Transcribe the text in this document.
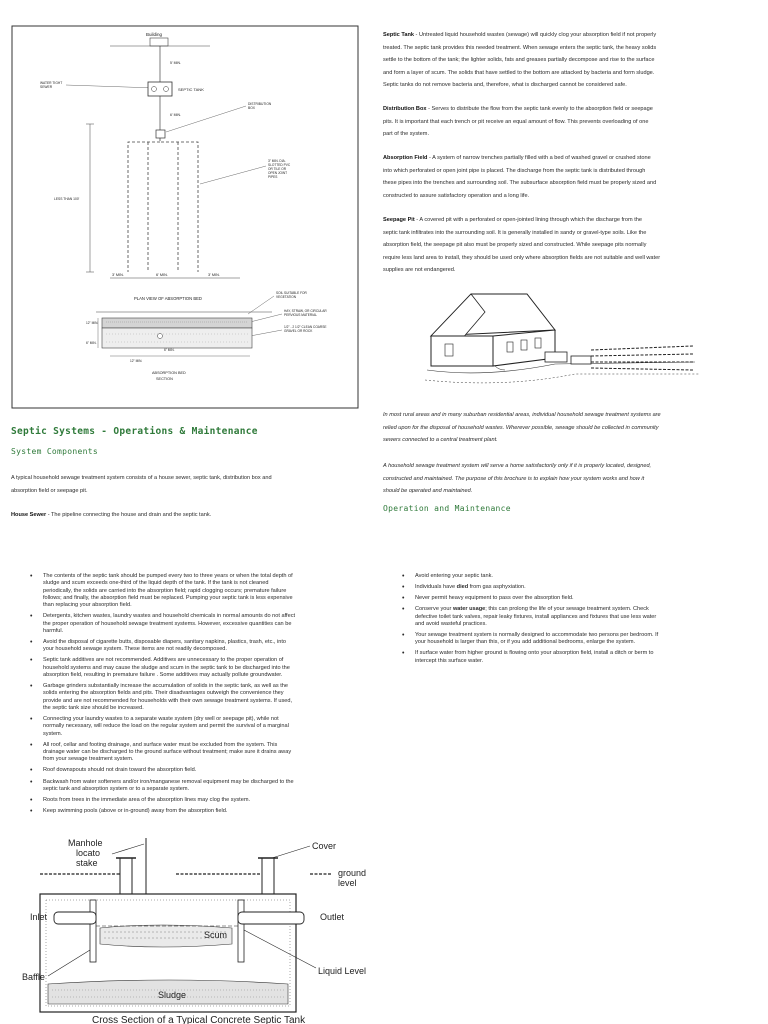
Building
5' MIN.
WATER TIGHT
SEWER	SEPTIC TANK
DISTRIBUTION
BOX
6' MIN.
LESS THAN 100'
3" MIN. DIA.
SLOTTED PVC
OR TILE OR
OPEN JOINT
PIPES
3' MIN.	6' MIN.	3' MIN.
PLAN VIEW OF ABSORPTION BED
SOIL SUITABLE FOR
VEGETATION
HAY, STRAW, OR CIRCULAR
PERVIOUS MATERIAL
1/2" - 2 1/2" CLEAN COARSE
GRAVEL OR ROCK
12" MIN.
6" MIN.
6" MIN.
12" MIN.
ABSORPTION BED
SECTION
Septic Systems - Operations & Maintenance
System Components
A typical household sewage treatment system consists of a house sewer, septic tank, distribution box and
absorption field or seepage pit.
House Sewer - The pipeline connecting the house and drain and the septic tank.
Septic Tank - Untreated liquid household wastes (sewage) will quickly clog your absorption field if not properly
treated. The septic tank provides this needed treatment. When sewage enters the septic tank, the heavy solids
settle to the bottom of the tank; the lighter solids, fats and greases partially decompose and rise to the surface
and form a layer of scum. The solids that have settled to the bottom are attacked by bacteria and form sludge.
Septic tanks do not remove bacteria and, therefore, what is discharged cannot be considered safe.
Distribution Box - Serves to distribute the flow from the septic tank evenly to the absorption field or seepage
pits. It is important that each trench or pit receive an equal amount of flow. This prevents overloading of one
part of the system.
Absorption Field - A system of narrow trenches partially filled with a bed of washed gravel or crushed stone
into which perforated or open joint pipe is placed. The discharge from the septic tank is distributed through
these pipes into the trenches and surrounding soil. The subsurface absorption field must be properly sized and
constructed to assure satisfactory operation and a long life.
Seepage Pit - A covered pit with a perforated or open-jointed lining through which the discharge from the
septic tank infiltrates into the surrounding soil. It is generally installed in sandy or gravel-type soils. Like the
absorption field, the seepage pit also must be properly sized and constructed. While seepage pits normally
require less land area to install, they should be used only where absorption fields are not suitable and well water
supplies are not endangered.
In most rural areas and in many suburban residential areas, individual household sewage treatment systems are
relied upon for the disposal of household wastes. Wherever possible, sewage should be collected in community
sewers connected to a central treatment plant.
A household sewage treatment system will serve a home satisfactorily only if it is properly located, designed,
constructed and maintained. The purpose of this brochure is to explain how your system works and how it
should be operated and maintained.
Operation and Maintenance
• The contents of the septic tank should be pumped every two to three years or when the total depth of
sludge and scum exceeds one-third of the liquid depth of the tank. If the tank is not cleaned
periodically, the solids are carried into the absorption field; rapid clogging occurs; premature failure
follows; and finally, the absorption field must be replaced. Pumping your septic tank is less expensive
than replacing your absorption field.
• Detergents, kitchen wastes, laundry wastes and household chemicals in normal amounts do not affect
the proper operation of household sewage treatment systems. However, excessive quantities can be
harmful.
• Avoid the disposal of cigarette butts, disposable diapers, sanitary napkins, plastics, trash, etc., into
your household sewage system. These items are not readily decomposed.
• Septic tank additives are not recommended. Additives are unnecessary to the proper operation of
household systems and may cause the sludge and scum in the septic tank to be discharged into the
absorption field, resulting in premature failure . Some additives may actually pollute groundwater.
• Garbage grinders substantially increase the accumulation of solids in the septic tank, as well as the
solids entering the absorption fields and pits. Their disadvantages outweigh the convenience they
provide and are not recommended for households with their own sewage treatment systems. If used,
the septic tank size should be increased.
• Connecting your laundry wastes to a separate waste system (dry well or seepage pit), while not
normally necessary, will reduce the load on the regular system and permit the survival of a marginal
system.
• All roof, cellar and footing drainage, and surface water must be excluded from the system. This
drainage water can be discharged to the ground surface without treatment; make sure it drains away
from your sewage treatment system.
• Roof downspouts should not drain toward the absorption field.
• Backwash from water softeners and/or iron/manganese removal equipment may be discharged to the
septic tank and absorption system or to a separate system.
• Roots from trees in the immediate area of the absorption lines may clog the system.
• Keep swimming pools (above or in-ground) away from the absorption field.
• Avoid entering your septic tank.
• Individuals have died from gas asphyxiation.
• Never permit heavy equipment to pass over the absorption field.
• Conserve your water usage; this can prolong the life of your sewage treatment system. Check
defective toilet tank valves, repair leaky fixtures, install appliances and fixtures that use less water
and avoid wasteful practices.
• Your sewage treatment system is normally designed to accommodate two persons per bedroom. If
your household is larger than this, or if you add additional bedrooms, enlarge the system.
• If surface water from higher ground is flowing onto your absorption field, install a ditch or berm to
intercept this surface water.
Manhole
locato
stake
Cover
ground
level
Inlet	Outlet
Scum
Baffle
Liquid Level
Sludge
Cross Section of a Typical Concrete Septic Tank
